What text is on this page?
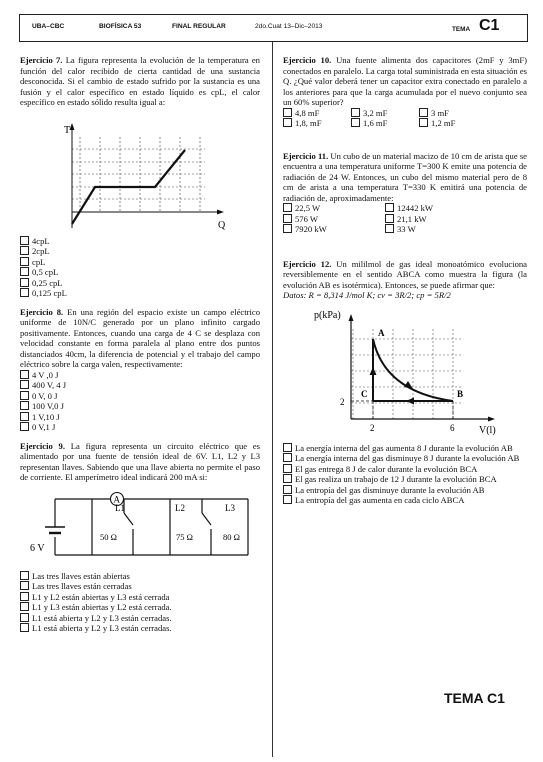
UBA–CBC	BIOFÍSICA 53	FINAL REGULAR	2do.Cuat 13–Dic–2013	TEMA C1
Ejercicio 7. La figura representa la evolución de la temperatura en función del calor recibido de cierta cantidad de una sustancia desconocida. Si el cambio de estado sufrido por la sustancia es una fusión y el calor específico en estado líquido es cpL, el calor específico en estado sólido resulta igual a:
T
Q
4cpL
2cpL
cpL
0,5 cpL
0,25 cpL
0,125 cpL
Ejercicio 8. En una región del espacio existe un campo eléctrico uniforme de 10N/C generado por un plano infinito cargado positivamente. Entonces, cuando una carga de 4 C se desplaza con velocidad constante en forma paralela al plano entre dos puntos distanciados 40cm, la diferencia de potencial y el trabajo del campo eléctrico sobre la carga valen, respectivamente:
4 V ,0 J
400 V, 4 J
0 V, 0 J
100 V,0 J
1 V,10 J
0 V,1 J
Ejercicio 9. La figura representa un circuito eléctrico que es alimentado por una fuente de tensión ideal de 6V. L1, L2 y L3 representan llaves. Sabiendo que una llave abierta no permite el paso de corriente. El amperímetro ideal indicará 200 mA si:
A
6 V
L1	L2	L3
50 Ω	75 Ω	80 Ω
Las tres llaves están abiertas
Las tres llaves están cerradas
L1 y L2 están abiertas y L3 está cerrada
L1 y L3 están abiertas y L2 está cerrada.
L1 está abierta y L2 y L3 están cerradas.
L1 está abierta y L2 y L3 están cerradas.
Ejercicio 10. Una fuente alimenta dos capacitores (2mF y 3mF) conectados en paralelo. La carga total suministrada en esta situación es Q. ¿Qué valor deberá tener un capacitor extra conectado en paralelo a los anteriores para que la carga acumulada por el nuevo conjunto sea un 60% superior?
4,8 mF	3,2 mF	3 mF
1,8, mF	1,6 mF	1,2 mF
Ejercicio 11. Un cubo de un material macizo de 10 cm de arista que se encuentra a una temperatura uniforme T=300 K emite una potencia de radiación de 24 W. Entonces, un cubo del mismo material pero de 8 cm de arista a una temperatura T=330 K emitirá una potencia de radiación de, aproximadamente:
22,5 W	12442 kW
576 W	21,1 kW
7920 kW	33 W
Ejercicio 12. Un mililmol de gas ideal monoatómico evoluciona reversiblemente en el sentido ABCA como muestra la figura (la evolución AB es isotérmica). Entonces, se puede afirmar que:
Datos: R = 8,314 J/mol K; cv = 3R/2; cp = 5R/2
p(kPa)
V(l)
2
2	6
A
B
C
La energía interna del gas aumenta 8 J durante la evolución AB
La energía interna del gas disminuye 8 J durante la evolución AB
El gas entrega 8 J de calor durante la evolución BCA
El gas realiza un trabajo de 12 J durante la evolución BCA
La entropía del gas disminuye durante la evolución AB
La entropía del gas aumenta en cada ciclo ABCA
TEMA C1
